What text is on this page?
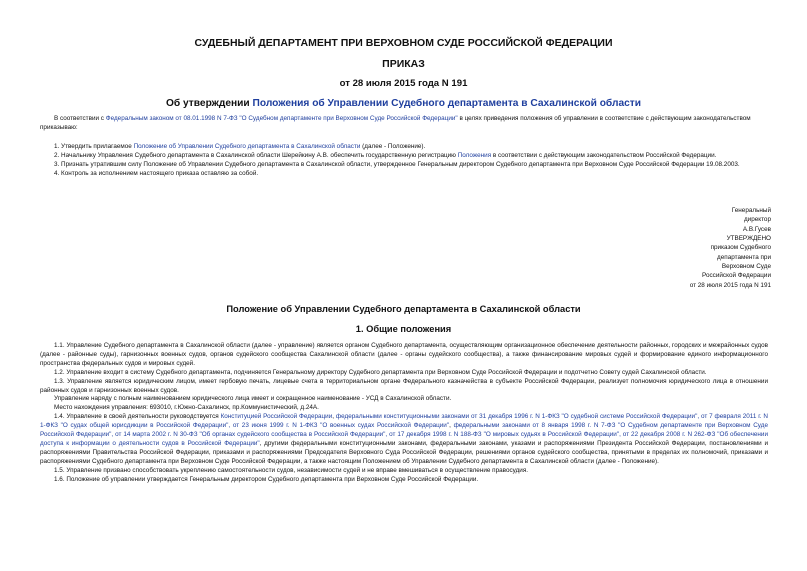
СУДЕБНЫЙ ДЕПАРТАМЕНТ ПРИ ВЕРХОВНОМ СУДЕ РОССИЙСКОЙ ФЕДЕРАЦИИ
ПРИКАЗ
от 28 июля 2015 года N 191
Об утверждении Положения об Управлении Судебного департамента в Сахалинской области

В соответствии с Федеральным законом от 08.01.1998 N 7-ФЗ "О Судебном департаменте при Верховном Суде Российской Федерации" в целях приведения положения об управлении в соответствие с действующим законодательством

приказываю:

1. Утвердить прилагаемое Положение об Управлении Судебного департамента в Сахалинской области (далее - Положение).

2. Начальнику Управления Судебного департамента в Сахалинской области Шерейкину А.В. обеспечить государственную регистрацию Положения в соответствии с действующим законодательством Российской Федерации.

3. Признать утратившим силу Положение об Управлении Судебного департамента в Сахалинской области, утвержденное Генеральным директором Судебного департамента при Верховном Суде Российской Федерации 19.08.2003.

4. Контроль за исполнением настоящего приказа оставляю за собой.

Генеральный
директор
А.В.Гусев
УТВЕРЖДЕНО
приказом Судебного
департамента при
Верховном Суде
Российской Федерации
от 28 июля 2015 года N 191
Положение об Управлении Судебного департамента в Сахалинской области
1. Общие положения

1.1. Управление Судебного департамента в Сахалинской области (далее - управление) является органом Судебного департамента, осуществляющим организационное обеспечение деятельности районных, городских и межрайонных судов (далее - районные суды), гарнизонных военных судов, органов судейского сообщества Сахалинской области (далее - органы судейского сообщества), а также финансирование мировых судей и формирование единого информационного пространства федеральных судов и мировых судей.

1.2. Управление входит в систему Судебного департамента, подчиняется Генеральному директору Судебного департамента при Верховном Суде Российской Федерации и подотчетно Совету судей Сахалинской области.

1.3. Управление является юридическим лицом, имеет гербовую печать, лицевые счета в территориальном органе Федерального казначейства в субъекте Российской Федерации, реализует полномочия юридического лица в отношении районных судов и гарнизонных военных судов.

Управление наряду с полным наименованием юридического лица имеет и сокращенное наименование - УСД в Сахалинской области.

Место нахождения управления: 693010, г.Южно-Сахалинск, пр.Коммунистический, д.24А.

1.4. Управление в своей деятельности руководствуется Конституцией Российской Федерации, федеральными конституционными законами от 31 декабря 1996 г. N 1-ФКЗ "О судебной системе Российской Федерации", от 7 февраля 2011 г. N 1-ФКЗ "О судах общей юрисдикции в Российской Федерации", от 23 июня 1999 г. N 1-ФКЗ "О военных судах Российской Федерации", федеральными законами от 8 января 1998 г. N 7-ФЗ "О Судебном департаменте при Верховном Суде Российской Федерации", от 14 марта 2002 г. N 30-ФЗ "Об органах судейского сообщества в Российской Федерации", от 17 декабря 1998 г. N 188-ФЗ "О мировых судьях в Российской Федерации", от 22 декабря 2008 г. N 262-ФЗ "Об обеспечении доступа к информации о деятельности судов в Российской Федерации", другими федеральными конституционными законами, федеральными законами, указами и распоряжениями Президента Российской Федерации, постановлениями и распоряжениями Правительства Российской Федерации, приказами и распоряжениями Председателя Верховного Суда Российской Федерации, решениями органов судейского сообщества, принятыми в пределах их полномочий, приказами и распоряжениями Судебного департамента при Верховном Суде Российской Федерации, а также настоящим Положением об Управлении Судебного департамента в Сахалинской области (далее - Положение).

1.5. Управление призвано способствовать укреплению самостоятельности судов, независимости судей и не вправе вмешиваться в осуществление правосудия.

1.6. Положение об управлении утверждается Генеральным директором Судебного департамента при Верховном Суде Российской Федерации.
